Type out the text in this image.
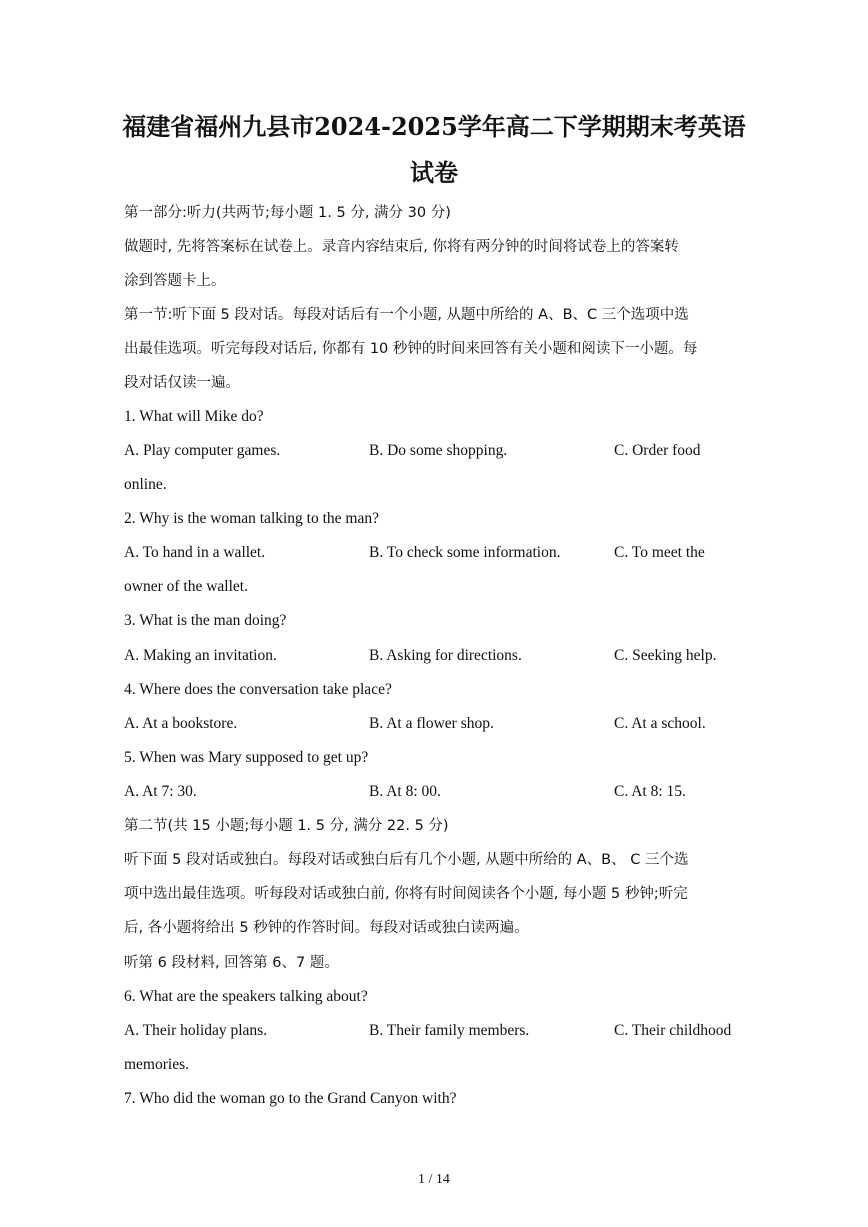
福建省福州九县市2024-2025学年高二下学期期末考英语
试卷
第一部分:听力(共两节;每小题 1. 5 分, 满分 30 分)
做题时, 先将答案标在试卷上。录音内容结束后, 你将有两分钟的时间将试卷上的答案转
涂到答题卡上。
第一节:听下面 5 段对话。每段对话后有一个小题, 从题中所给的 A、B、C 三个选项中选
出最佳选项。听完每段对话后, 你都有 10 秒钟的时间来回答有关小题和阅读下一小题。每
段对话仅读一遍。
1. What will Mike do?
A. Play computer games.	B. Do some shopping.	C. Order food
online.
2. Why is the woman talking to the man?
A. To hand in a wallet.	B. To check some information.	C. To meet the
owner of the wallet.
3. What is the man doing?
A. Making an invitation.	B. Asking for directions.	C. Seeking help.
4. Where does the conversation take place?
A. At a bookstore.	B. At a flower shop.	C. At a school.
5. When was Mary supposed to get up?
A. At 7: 30.	B. At 8: 00.	C. At 8: 15.
第二节(共 15 小题;每小题 1. 5 分, 满分 22. 5 分)
听下面 5 段对话或独白。每段对话或独白后有几个小题, 从题中所给的 A、B、 C 三个选
项中选出最佳选项。听每段对话或独白前, 你将有时间阅读各个小题, 每小题 5 秒钟;听完
后, 各小题将给出 5 秒钟的作答时间。每段对话或独白读两遍。
听第 6 段材料, 回答第 6、7 题。
6. What are the speakers talking about?
A. Their holiday plans.	B. Their family members.	C. Their childhood
memories.
7. Who did the woman go to the Grand Canyon with?
1 / 14
